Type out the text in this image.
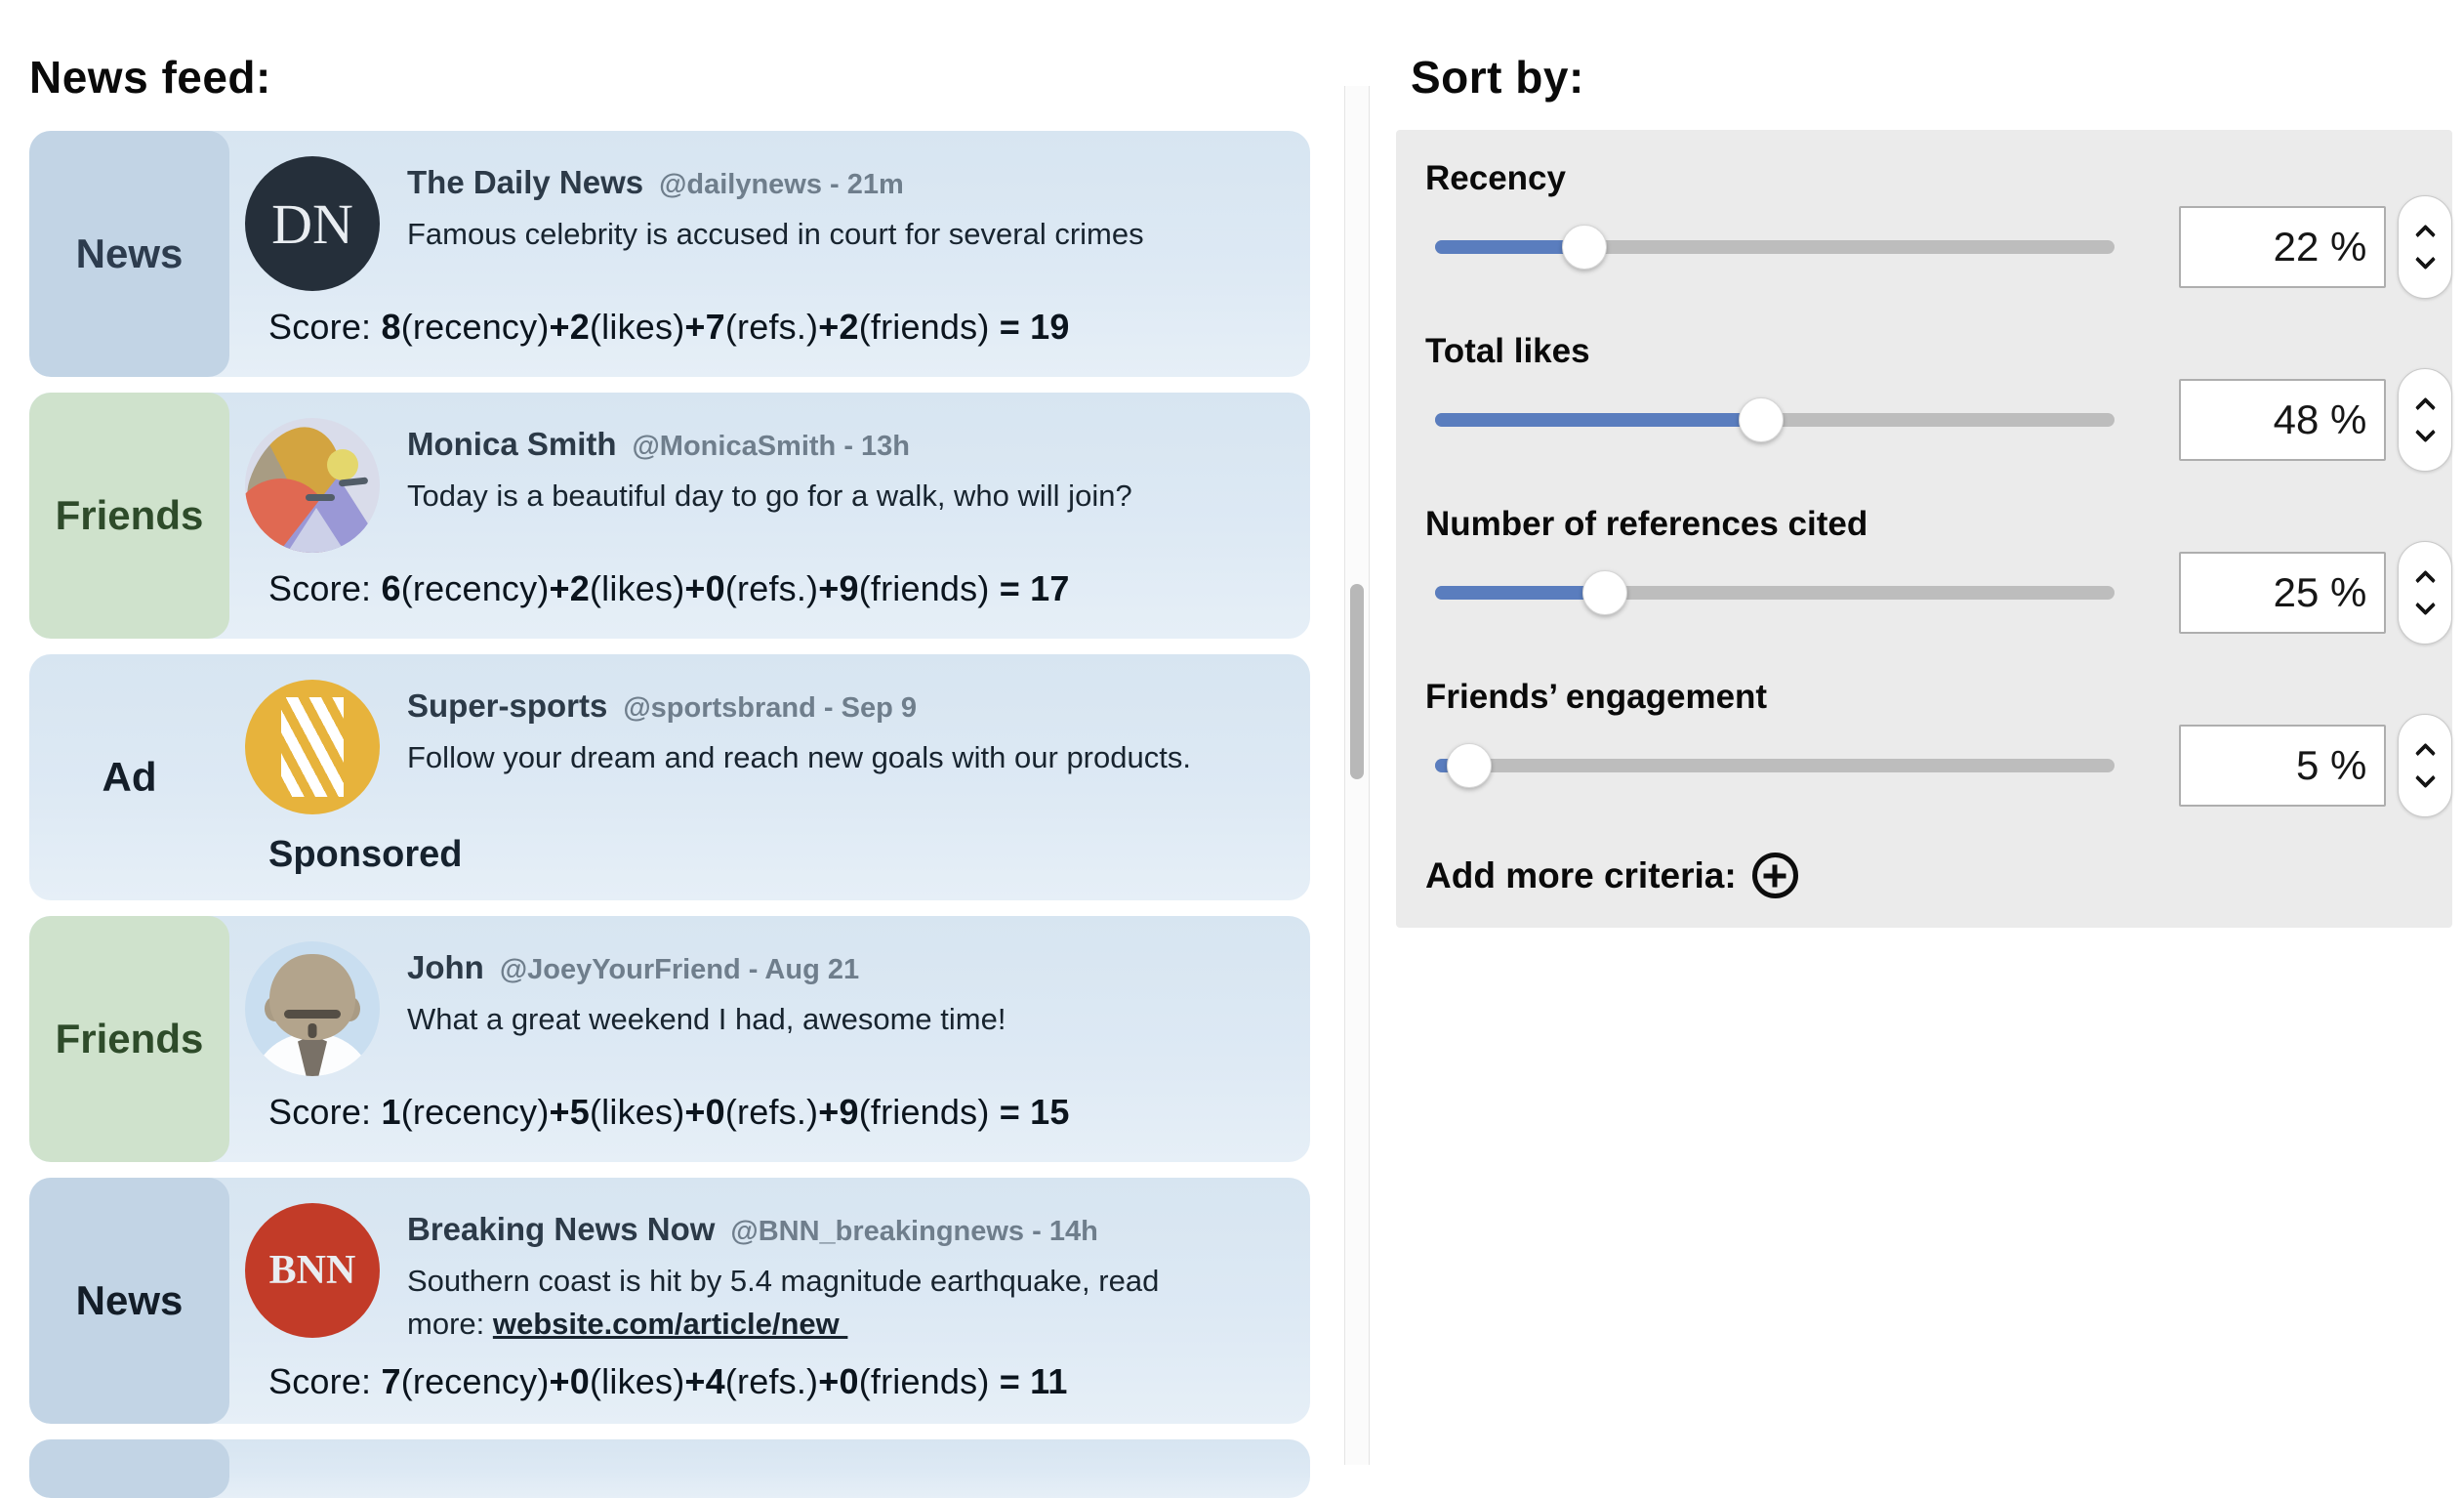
News feed:
News	DN
The Daily News @dailynews - 21m
Famous celebrity is accused in court for several crimes
Score: 8(recency)+2(likes)+7(refs.)+2(friends) = 19
Friends
Monica Smith @MonicaSmith - 13h
Today is a beautiful day to go for a walk, who will join?
Score: 6(recency)+2(likes)+0(refs.)+9(friends) = 17
Ad
Super-sports @sportsbrand - Sep 9
Follow your dream and reach new goals with our products.
Sponsored
Friends
John @JoeyYourFriend - Aug 21
What a great weekend I had, awesome time!
Score: 1(recency)+5(likes)+0(refs.)+9(friends) = 15
News
BNN
Breaking News Now @BNN_breakingnews - 14h
Southern coast is hit by 5.4 magnitude earthquake, read
more: website.com/article/new
Score: 7(recency)+0(likes)+4(refs.)+0(friends) = 11
Sort by:
Recency
22 %
Total likes
48 %
Number of references cited
25 %
Friends’ engagement
5 %
Add more criteria:
